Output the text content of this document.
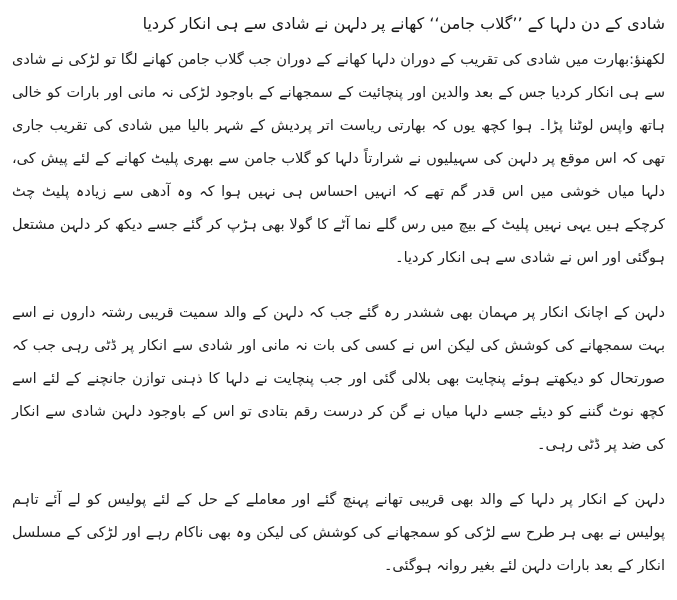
شادی کے دن دلہا کے ’’گلاب جامن‘‘ کھانے پر دلہن نے شادی سے ہی انکار کردیا

لکھنؤ:بھارت میں شادی کی تقریب کے دوران دلہا کھانے کے دوران جب گلاب جامن کھانے لگا تو لڑکی نے شادی سے ہی انکار کردیا جس کے بعد والدین اور پنچائیت کے سمجھانے کے باوجود لڑکی نہ مانی اور بارات کو خالی ہاتھ واپس لوٹنا پڑا۔ ہوا کچھ یوں کہ بھارتی ریاست اتر پردیش کے شہر بالیا میں شادی کی تقریب جاری تھی کہ اس موقع پر دلہن کی سہیلیوں نے شرارتاً دلہا کو گلاب جامن سے بھری پلیٹ کھانے کے لئے پیش کی، دلہا میاں خوشی میں اس قدر گم تھے کہ انہیں احساس ہی نہیں ہوا کہ وہ آدھی سے زیادہ پلیٹ چٹ کرچکے ہیں یہی نہیں پلیٹ کے بیچ میں رس گلے نما آٹے کا گولا بھی ہڑپ کر گئے جسے دیکھ کر دلہن مشتعل ہوگئی اور اس نے شادی سے ہی انکار کردیا۔

دلہن کے اچانک انکار پر مہمان بھی ششدر رہ گئے جب کہ دلہن کے والد سمیت قریبی رشتہ داروں نے اسے بہت سمجھانے کی کوشش کی لیکن اس نے کسی کی بات نہ مانی اور شادی سے انکار پر ڈٹی رہی جب کہ صورتحال کو دیکھتے ہوئے پنچایت بھی بلالی گئی اور جب پنچایت نے دلہا کا ذہنی توازن جانچنے کے لئے اسے کچھ نوٹ گننے کو دیئے جسے دلہا میاں نے گن کر درست رقم بتادی تو اس کے باوجود دلہن شادی سے انکار کی ضد پر ڈٹی رہی۔

دلہن کے انکار پر دلہا کے والد بھی قریبی تھانے پہنچ گئے اور معاملے کے حل کے لئے پولیس کو لے آئے تاہم پولیس نے بھی ہر طرح سے لڑکی کو سمجھانے کی کوشش کی لیکن وہ بھی ناکام رہے اور لڑکی کے مسلسل انکار کے بعد بارات دلہن لئے بغیر روانہ ہوگئی۔
